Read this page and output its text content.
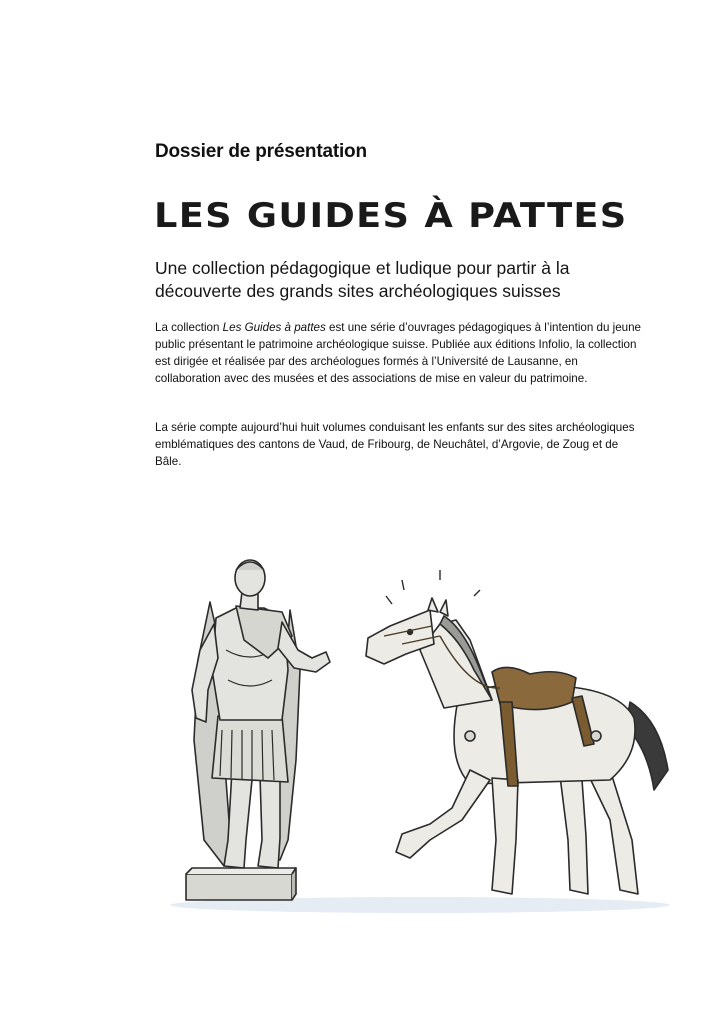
Dossier de présentation
LES GUIDES À PATTES
Une collection pédagogique et ludique pour partir à la
découverte des grands sites archéologiques suisses

La collection Les Guides à pattes est une série d’ouvrages pédagogiques à l’intention du jeune public présentant le patrimoine archéologique suisse. Publiée aux éditions Infolio, la collection est dirigée et réalisée par des archéologues formés à l’Université de Lausanne, en collaboration avec des musées et des associations de mise en valeur du patrimoine.

La série compte aujourd’hui huit volumes conduisant les enfants sur des sites archéologiques emblématiques des cantons de Vaud, de Fribourg, de Neuchâtel, d’Argovie, de Zoug et de Bâle.
